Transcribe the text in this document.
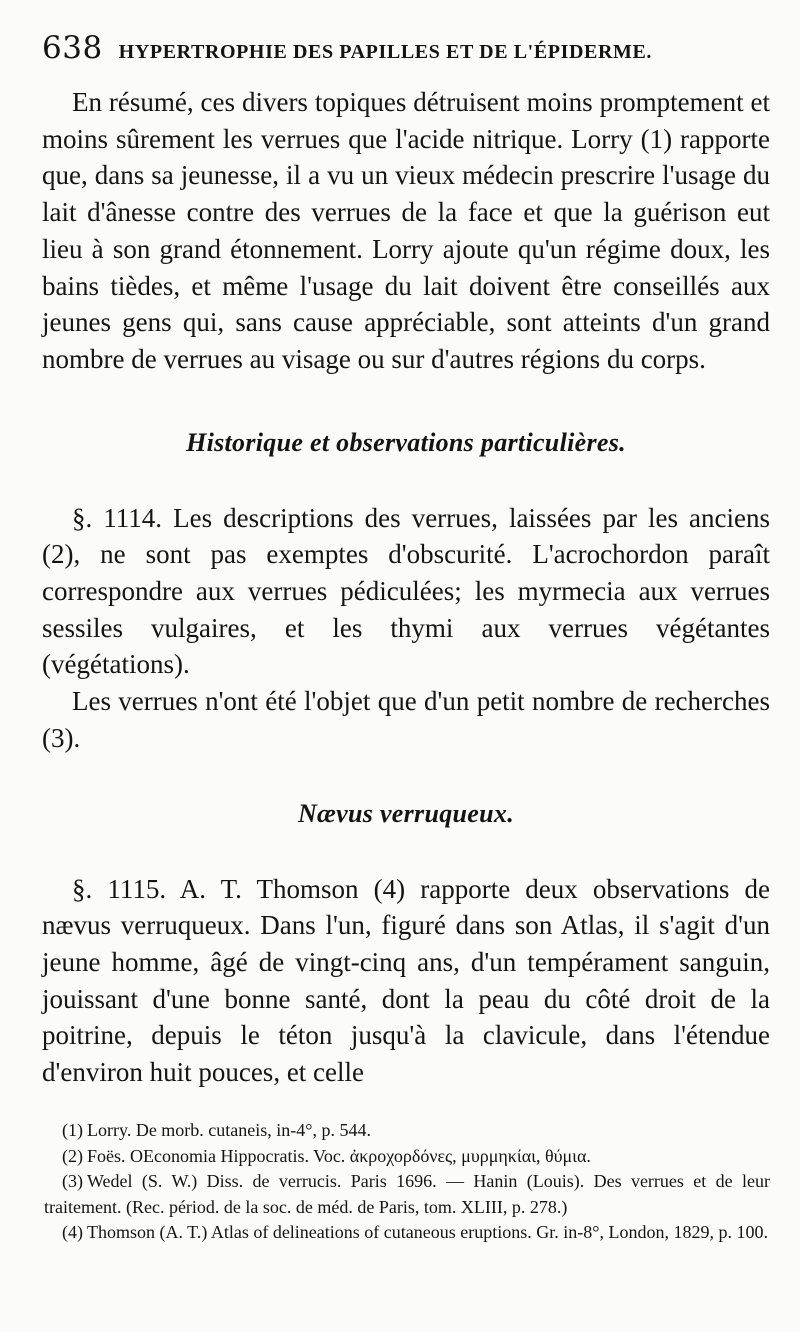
638 HYPERTROPHIE DES PAPILLES ET DE L'ÉPIDERME.

En résumé, ces divers topiques détruisent moins promptement et moins sûrement les verrues que l'acide nitrique. Lorry (1) rapporte que, dans sa jeunesse, il a vu un vieux médecin prescrire l'usage du lait d'ânesse contre des verrues de la face et que la guérison eut lieu à son grand étonnement. Lorry ajoute qu'un régime doux, les bains tièdes, et même l'usage du lait doivent être conseillés aux jeunes gens qui, sans cause appréciable, sont atteints d'un grand nombre de verrues au visage ou sur d'autres régions du corps.

Historique et observations particulières.

§. 1114. Les descriptions des verrues, laissées par les anciens (2), ne sont pas exemptes d'obscurité. L'acrochordon paraît correspondre aux verrues pédiculées; les myrmecia aux verrues sessiles vulgaires, et les thymi aux verrues végétantes (végétations).

Les verrues n'ont été l'objet que d'un petit nombre de recherches (3).

Nævus verruqueux.

§. 1115. A. T. Thomson (4) rapporte deux observations de nævus verruqueux. Dans l'un, figuré dans son Atlas, il s'agit d'un jeune homme, âgé de vingt-cinq ans, d'un tempérament sanguin, jouissant d'une bonne santé, dont la peau du côté droit de la poitrine, depuis le téton jusqu'à la clavicule, dans l'étendue d'environ huit pouces, et celle

(1) Lorry. De morb. cutaneis, in-4°, p. 544.
(2) Foës. OEconomia Hippocratis. Voc. ἀκροχορδόνες, μυρμηκίαι, θύμια.
(3) Wedel (S. W.) Diss. de verrucis. Paris 1696. — Hanin (Louis). Des verrues et de leur traitement. (Rec. périod. de la soc. de méd. de Paris, tom. XLIII, p. 278.)
(4) Thomson (A. T.) Atlas of delineations of cutaneous eruptions. Gr. in-8°, London, 1829, p. 100.
